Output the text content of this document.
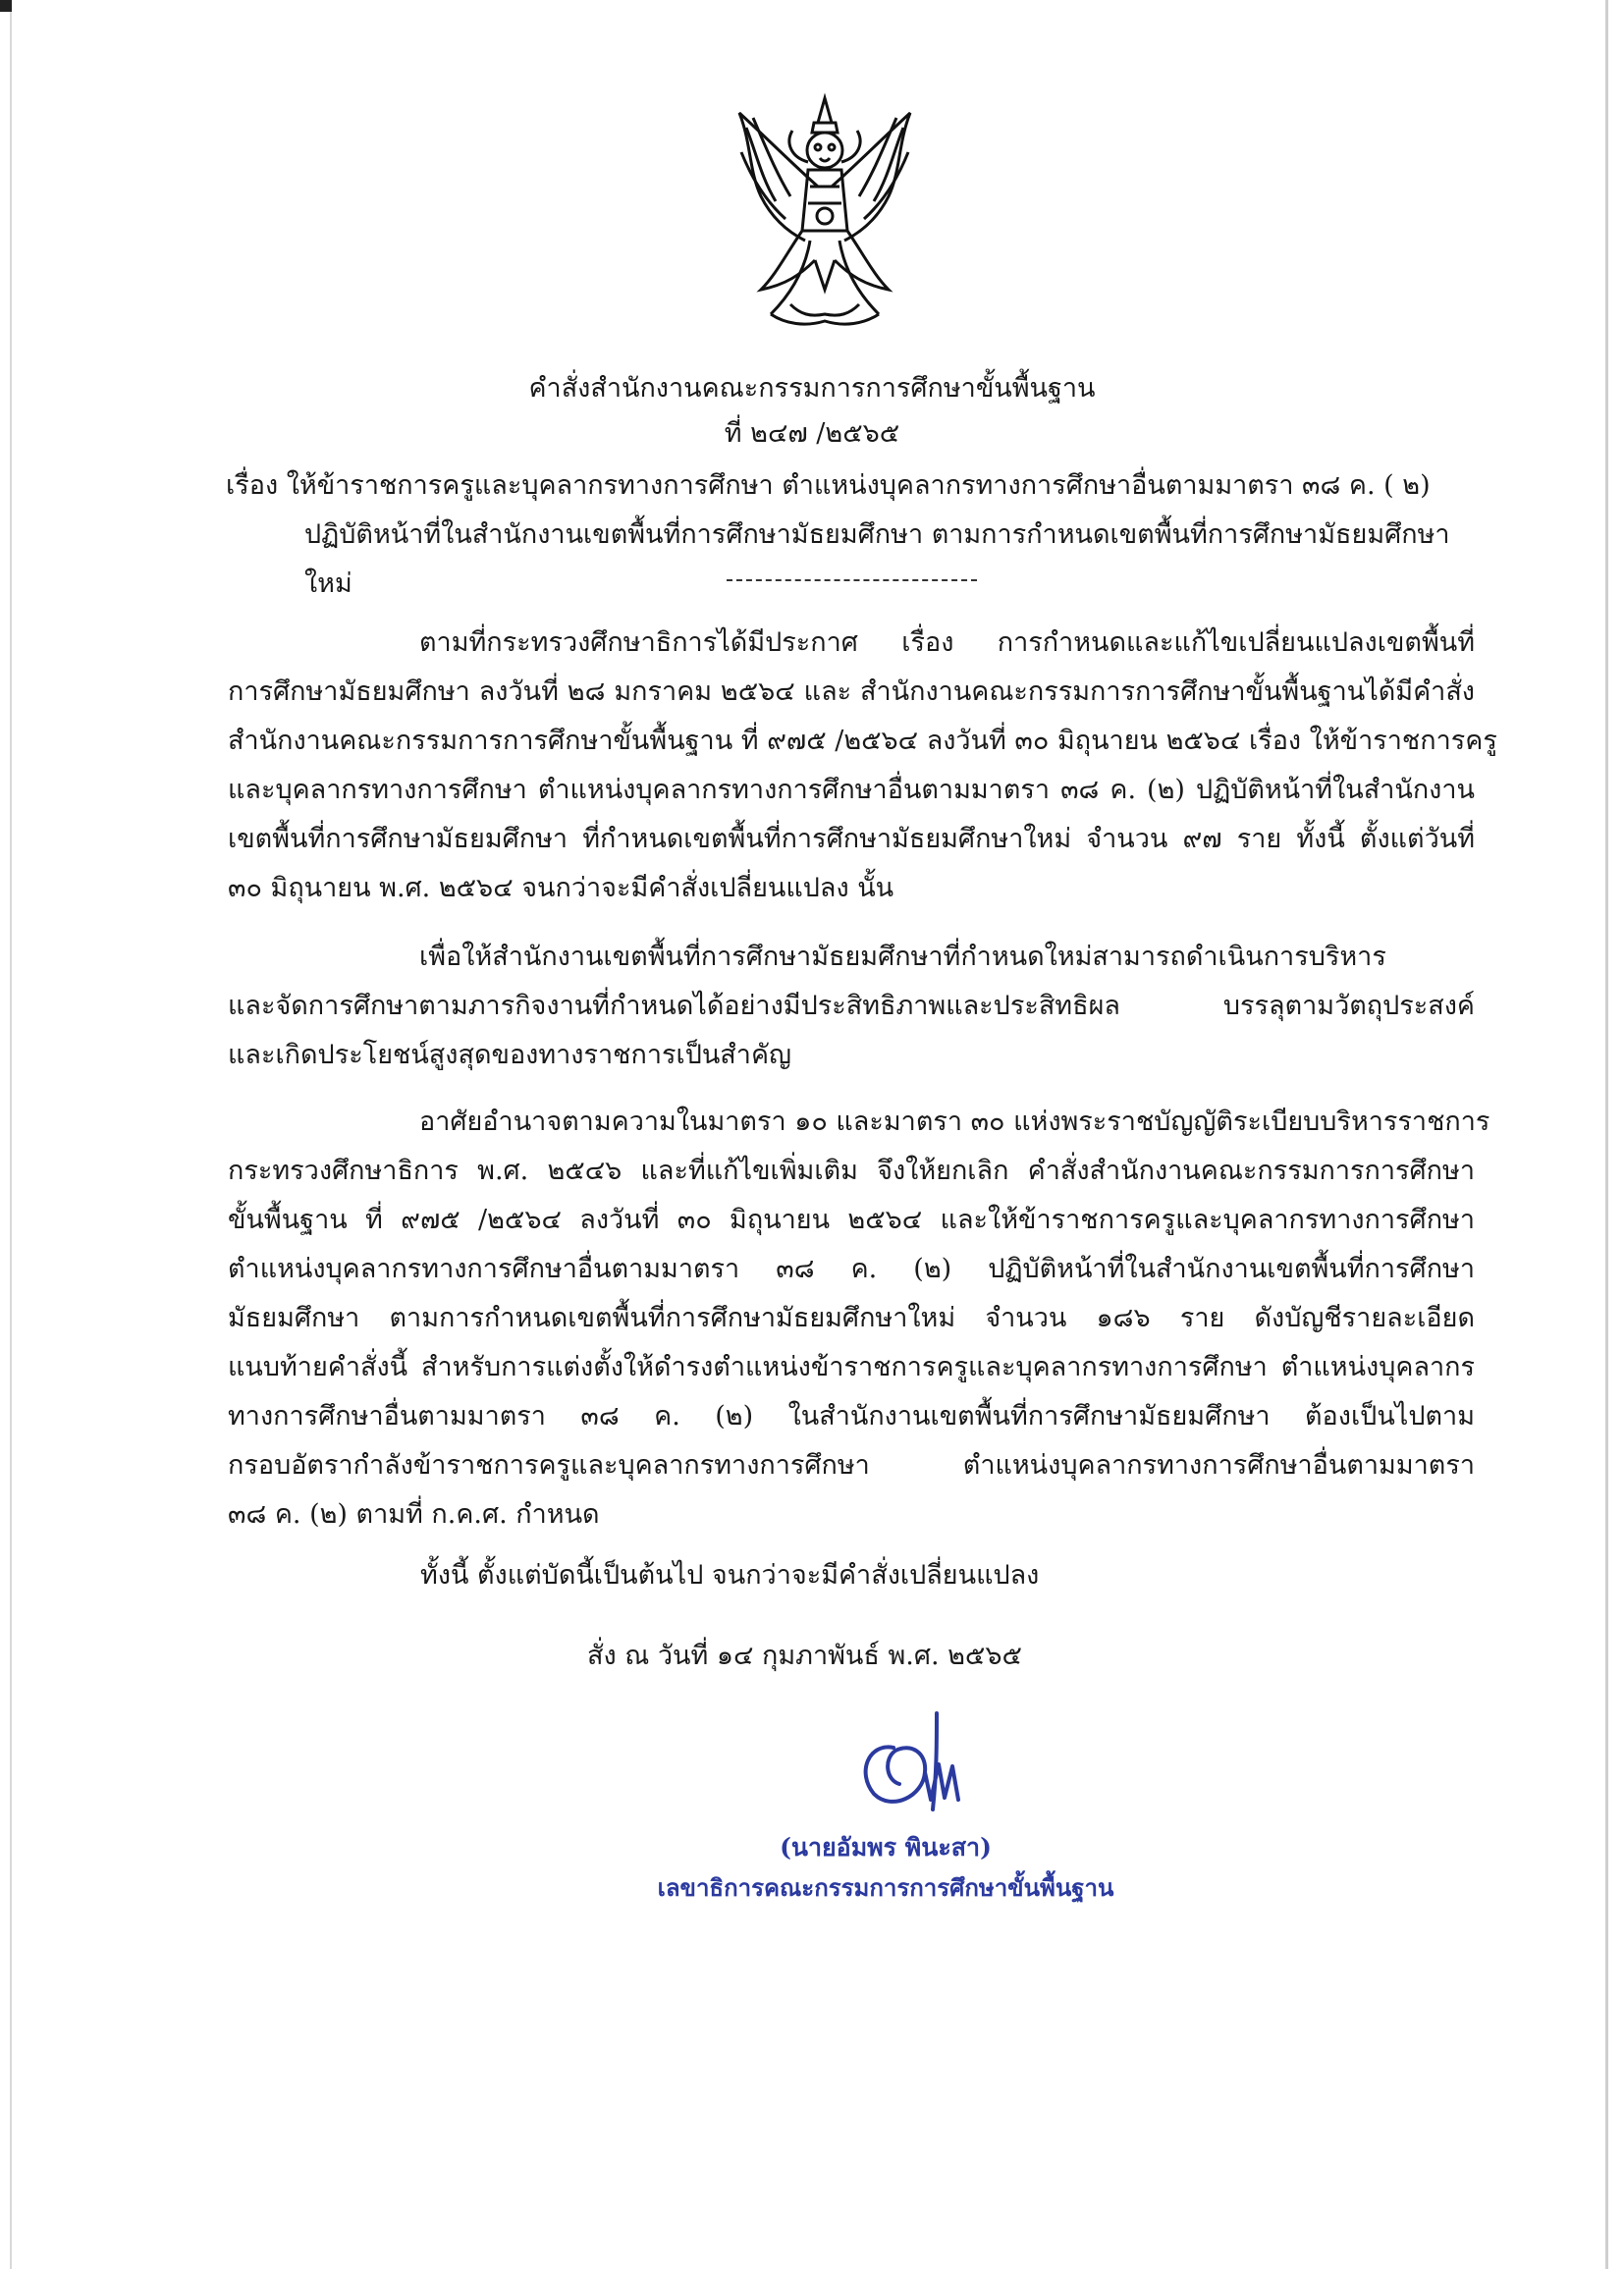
คำสั่งสำนักงานคณะกรรมการการศึกษาขั้นพื้นฐาน
ที่ ๒๔๗ /๒๕๖๕
เรื่อง ให้ข้าราชการครูและบุคลากรทางการศึกษา ตำแหน่งบุคลากรทางการศึกษาอื่นตามมาตรา ๓๘ ค. ( ๒)
ปฏิบัติหน้าที่ในสำนักงานเขตพื้นที่การศึกษามัธยมศึกษา ตามการกำหนดเขตพื้นที่การศึกษามัธยมศึกษาใหม่
ตามที่กระทรวงศึกษาธิการได้มีประกาศ เรื่อง การกำหนดและแก้ไขเปลี่ยนแปลงเขตพื้นที่
การศึกษามัธยมศึกษา ลงวันที่ ๒๘ มกราคม ๒๕๖๔ และ สำนักงานคณะกรรมการการศึกษาขั้นพื้นฐานได้มีคำสั่ง
สำนักงานคณะกรรมการการศึกษาขั้นพื้นฐาน ที่ ๙๗๕ /๒๕๖๔ ลงวันที่ ๓๐ มิถุนายน ๒๕๖๔ เรื่อง ให้ข้าราชการครู
และบุคลากรทางการศึกษา ตำแหน่งบุคลากรทางการศึกษาอื่นตามมาตรา ๓๘ ค. (๒) ปฏิบัติหน้าที่ในสำนักงาน
เขตพื้นที่การศึกษามัธยมศึกษา ที่กำหนดเขตพื้นที่การศึกษามัธยมศึกษาใหม่ จำนวน ๙๗ ราย ทั้งนี้ ตั้งแต่วันที่
๓๐ มิถุนายน พ.ศ. ๒๕๖๔ จนกว่าจะมีคำสั่งเปลี่ยนแปลง นั้น
เพื่อให้สำนักงานเขตพื้นที่การศึกษามัธยมศึกษาที่กำหนดใหม่สามารถดำเนินการบริหาร
และจัดการศึกษาตามภารกิจงานที่กำหนดได้อย่างมีประสิทธิภาพและประสิทธิผล บรรลุตามวัตถุประสงค์
และเกิดประโยชน์สูงสุดของทางราชการเป็นสำคัญ
อาศัยอำนาจตามความในมาตรา ๑๐ และมาตรา ๓๐ แห่งพระราชบัญญัติระเบียบบริหารราชการ
กระทรวงศึกษาธิการ พ.ศ. ๒๕๔๖ และที่แก้ไขเพิ่มเติม จึงให้ยกเลิก คำสั่งสำนักงานคณะกรรมการการศึกษา
ขั้นพื้นฐาน ที่ ๙๗๕ /๒๕๖๔ ลงวันที่ ๓๐ มิถุนายน ๒๕๖๔ และให้ข้าราชการครูและบุคลากรทางการศึกษา
ตำแหน่งบุคลากรทางการศึกษาอื่นตามมาตรา ๓๘ ค. (๒) ปฏิบัติหน้าที่ในสำนักงานเขตพื้นที่การศึกษา
มัธยมศึกษา ตามการกำหนดเขตพื้นที่การศึกษามัธยมศึกษาใหม่ จำนวน ๑๘๖ ราย ดังบัญชีรายละเอียด
แนบท้ายคำสั่งนี้ สำหรับการแต่งตั้งให้ดำรงตำแหน่งข้าราชการครูและบุคลากรทางการศึกษา ตำแหน่งบุคลากร
ทางการศึกษาอื่นตามมาตรา ๓๘ ค. (๒) ในสำนักงานเขตพื้นที่การศึกษามัธยมศึกษา ต้องเป็นไปตาม
กรอบอัตรากำลังข้าราชการครูและบุคลากรทางการศึกษา ตำแหน่งบุคลากรทางการศึกษาอื่นตามมาตรา
๓๘ ค. (๒) ตามที่ ก.ค.ศ. กำหนด
ทั้งนี้ ตั้งแต่บัดนี้เป็นต้นไป จนกว่าจะมีคำสั่งเปลี่ยนแปลง
สั่ง ณ วันที่ ๑๔ กุมภาพันธ์ พ.ศ. ๒๕๖๕
(นายอัมพร พินะสา)
เลขาธิการคณะกรรมการการศึกษาขั้นพื้นฐาน
